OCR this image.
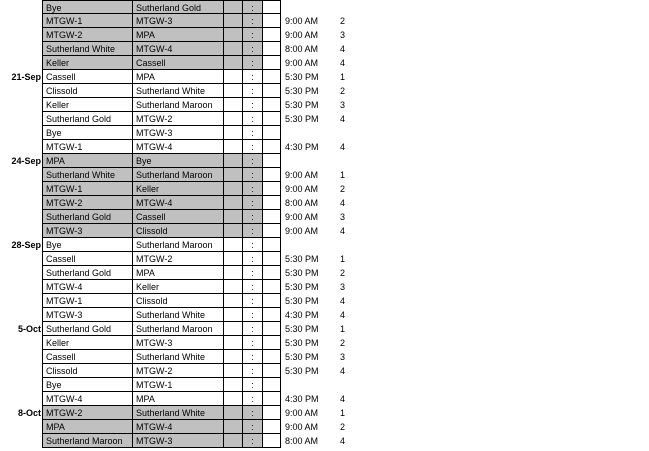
Bye	Sutherland Gold	:
MTGW-1	MTGW-3	:	9:00 AM	2
MTGW-2	MPA	:	9:00 AM	3
Sutherland White	MTGW-4	:	8:00 AM	4
Keller	Cassell	:	9:00 AM	4
21-Sep Cassell	MPA	:	5:30 PM	1
Clissold	Sutherland White	:	5:30 PM	2
Keller	Sutherland Maroon	:	5:30 PM	3
Sutherland Gold	MTGW-2	:	5:30 PM	4
Bye	MTGW-3	:
MTGW-1	MTGW-4	:	4:30 PM	4
24-Sep MPA	Bye	:
Sutherland White	Sutherland Maroon	:	9:00 AM	1
MTGW-1	Keller	:	9:00 AM	2
MTGW-2	MTGW-4	:	8:00 AM	4
Sutherland Gold	Cassell	:	9:00 AM	3
MTGW-3	Clissold	:	9:00 AM	4
28-Sep Bye	Sutherland Maroon	:
Cassell	MTGW-2	:	5:30 PM	1
Sutherland Gold	MPA	:	5:30 PM	2
MTGW-4	Keller	:	5:30 PM	3
MTGW-1	Clissold	:	5:30 PM	4
MTGW-3	Sutherland White	:	4:30 PM	4
5-Oct Sutherland Gold	Sutherland Maroon	:	5:30 PM	1
Keller	MTGW-3	:	5:30 PM	2
Cassell	Sutherland White	:	5:30 PM	3
Clissold	MTGW-2	:	5:30 PM	4
Bye	MTGW-1	:
MTGW-4	MPA	:	4:30 PM	4
8-Oct MTGW-2	Sutherland White	:	9:00 AM	1
MPA	MTGW-4	:	9:00 AM	2
Sutherland Maroon	MTGW-3	:	8:00 AM	4
